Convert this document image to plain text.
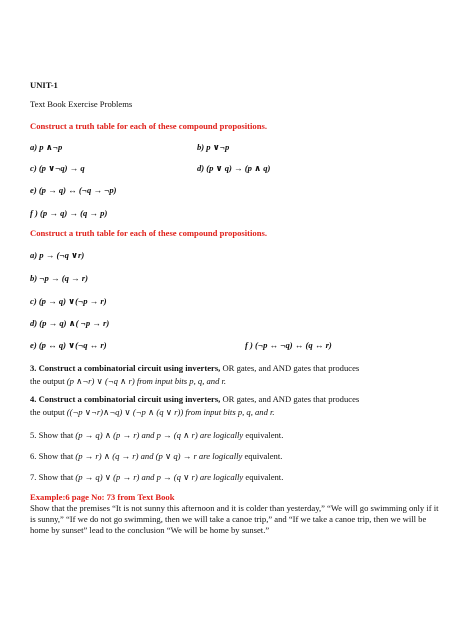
UNIT-1
Text Book Exercise Problems
Construct a truth table for each of these compound propositions.
a) p ∧¬p	b) p ∨¬p
c) (p ∨¬q) → q	d) (p ∨ q) → (p ∧ q)
e) (p → q) ↔ (¬q → ¬p)
f ) (p → q) → (q → p)
Construct a truth table for each of these compound propositions.
a) p → (¬q ∨r)
b) ¬p → (q → r)
c) (p → q) ∨(¬p → r)
d) (p → q) ∧( ¬p → r)
e) (p ↔ q) ∨(¬q ↔ r)	f ) (¬p ↔ ¬q) ↔ (q ↔ r)
3. Construct a combinatorial circuit using inverters, OR gates, and AND gates that produces
the output (p ∧¬r) ∨ (¬q ∧ r) from input bits p, q, and r.
4. Construct a combinatorial circuit using inverters, OR gates, and AND gates that produces
the output ((¬p ∨¬r)∧¬q) ∨ (¬p ∧ (q ∨ r)) from input bits p, q, and r.
5. Show that (p → q) ∧ (p → r) and p → (q ∧ r) are logically equivalent.
6. Show that (p → r) ∧ (q → r) and (p ∨ q) → r are logically equivalent.
7. Show that (p → q) ∨ (p → r) and p → (q ∨ r) are logically equivalent.
Example:6 page No: 73 from Text Book
Show that the premises “It is not sunny this afternoon and it is colder than yesterday,” “We will go swimming only if it is sunny,” “If we do not go swimming, then we will take a canoe trip,” and “If we take a canoe trip, then we will be home by sunset” lead to the conclusion “We will be home by sunset.”
